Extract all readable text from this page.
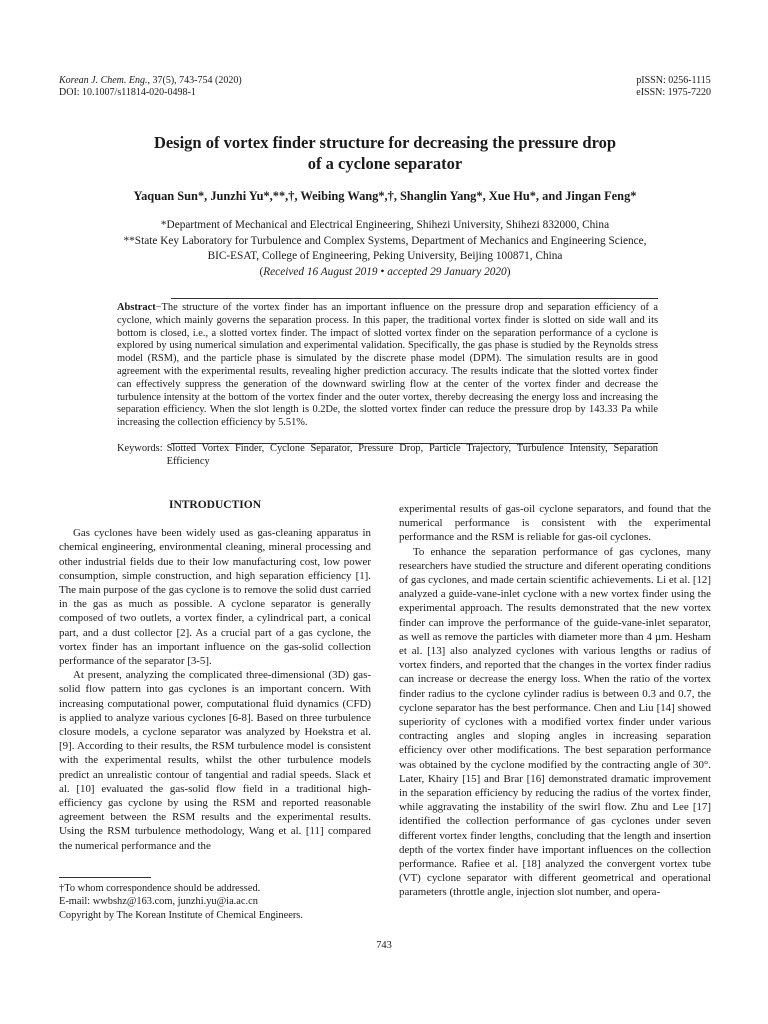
Korean J. Chem. Eng., 37(5), 743-754 (2020)
DOI: 10.1007/s11814-020-0498-1
pISSN: 0256-1115
eISSN: 1975-7220
Design of vortex finder structure for decreasing the pressure drop
of a cyclone separator
Yaquan Sun*, Junzhi Yu*,**,†, Weibing Wang*,†, Shanglin Yang*, Xue Hu*, and Jingan Feng*
*Department of Mechanical and Electrical Engineering, Shihezi University, Shihezi 832000, China
**State Key Laboratory for Turbulence and Complex Systems, Department of Mechanics and Engineering Science,
BIC-ESAT, College of Engineering, Peking University, Beijing 100871, China
(Received 16 August 2019 • accepted 29 January 2020)
Abstract−The structure of the vortex finder has an important influence on the pressure drop and separation efficiency of a cyclone, which mainly governs the separation process. In this paper, the traditional vortex finder is slotted on side wall and its bottom is closed, i.e., a slotted vortex finder. The impact of slotted vortex finder on the separation performance of a cyclone is explored by using numerical simulation and experimental validation. Specifically, the gas phase is studied by the Reynolds stress model (RSM), and the particle phase is simulated by the discrete phase model (DPM). The simulation results are in good agreement with the experimental results, revealing higher prediction accuracy. The results indicate that the slotted vortex finder can effectively suppress the generation of the downward swirling flow at the center of the vortex finder and decrease the turbulence intensity at the bottom of the vortex finder and the outer vortex, thereby decreasing the energy loss and increasing the separation efficiency. When the slot length is 0.2De, the slotted vortex finder can reduce the pressure drop by 143.33 Pa while increasing the collection efficiency by 5.51%.
Keywords: Slotted Vortex Finder, Cyclone Separator, Pressure Drop, Particle Trajectory, Turbulence Intensity, Separation Efficiency
INTRODUCTION

Gas cyclones have been widely used as gas-cleaning apparatus in chemical engineering, environmental cleaning, mineral processing and other industrial fields due to their low manufacturing cost, low power consumption, simple construction, and high separation efficiency [1]. The main purpose of the gas cyclone is to remove the solid dust carried in the gas as much as possible. A cyclone separator is generally composed of two outlets, a vortex finder, a cylindrical part, a conical part, and a dust collector [2]. As a crucial part of a gas cyclone, the vortex finder has an important influence on the gas-solid collection performance of the separator [3-5].

At present, analyzing the complicated three-dimensional (3D) gas-solid flow pattern into gas cyclones is an important concern. With increasing computational power, computational fluid dynamics (CFD) is applied to analyze various cyclones [6-8]. Based on three turbulence closure models, a cyclone separator was analyzed by Hoekstra et al. [9]. According to their results, the RSM turbulence model is consistent with the experimental results, whilst the other turbulence models predict an unrealistic contour of tangential and radial speeds. Slack et al. [10] evaluated the gas-solid flow field in a traditional high-efficiency gas cyclone by using the RSM and reported reasonable agreement between the RSM results and the experimental results. Using the RSM turbulence methodology, Wang et al. [11] compared the numerical performance and the

experimental results of gas-oil cyclone separators, and found that the numerical performance is consistent with the experimental performance and the RSM is reliable for gas-oil cyclones.

To enhance the separation performance of gas cyclones, many researchers have studied the structure and diferent operating conditions of gas cyclones, and made certain scientific achievements. Li et al. [12] analyzed a guide-vane-inlet cyclone with a new vortex finder using the experimental approach. The results demonstrated that the new vortex finder can improve the performance of the guide-vane-inlet separator, as well as remove the particles with diameter more than 4 µm. Hesham et al. [13] also analyzed cyclones with various lengths or radius of vortex finders, and reported that the changes in the vortex finder radius can increase or decrease the energy loss. When the ratio of the vortex finder radius to the cyclone cylinder radius is between 0.3 and 0.7, the cyclone separator has the best performance. Chen and Liu [14] showed superiority of cyclones with a modified vortex finder under various contracting angles and sloping angles in increasing separation efficiency over other modifications. The best separation performance was obtained by the cyclone modified by the contracting angle of 30°. Later, Khairy [15] and Brar [16] demonstrated dramatic improvement in the separation efficiency by reducing the radius of the vortex finder, while aggravating the instability of the swirl flow. Zhu and Lee [17] identified the collection performance of gas cyclones under seven different vortex finder lengths, concluding that the length and insertion depth of the vortex finder have important influences on the collection performance. Rafiee et al. [18] analyzed the convergent vortex tube (VT) cyclone separator with different geometrical and operational parameters (throttle angle, injection slot number, and opera-

†To whom correspondence should be addressed.
E-mail: wwbshz@163.com, junzhi.yu@ia.ac.cn
Copyright by The Korean Institute of Chemical Engineers.
743
